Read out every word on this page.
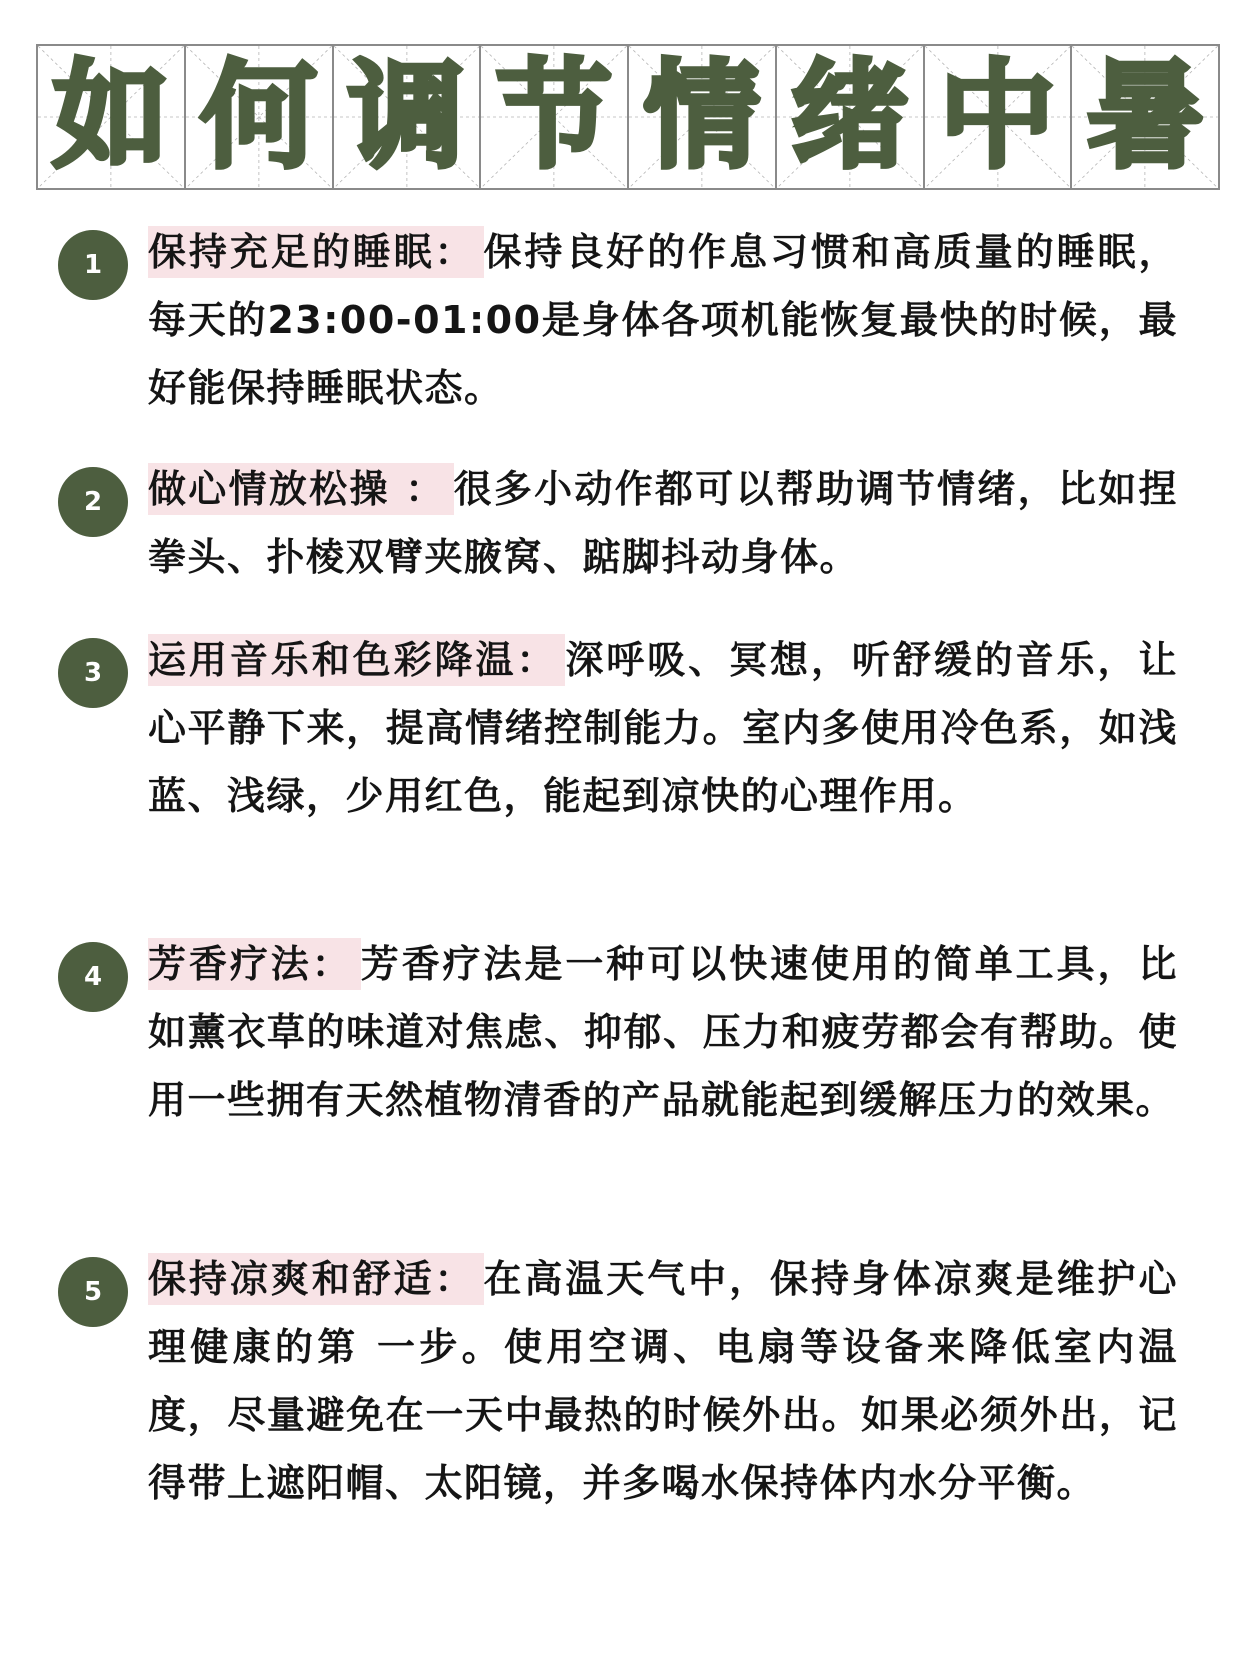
如 何 调 节 情 绪 中 暑
1	保持充足的睡眠： 保持良好的作息习惯和高质量的睡眠，每天的23:00-01:00是身体各项机能恢复最快的时候，最好能保持睡眠状态。
2	做心情放松操 ： 很多小动作都可以帮助调节情绪，比如捏拳头、扑棱双臂夹腋窝、踮脚抖动身体。
3	运用音乐和色彩降温： 深呼吸、冥想，听舒缓的音乐，让心平静下来，提高情绪控制能力。室内多使用冷色系，如浅蓝、浅绿，少用红色，能起到凉快的心理作用。
4	芳香疗法： 芳香疗法是一种可以快速使用的简单工具，比如薰衣草的味道对焦虑、抑郁、压力和疲劳都会有帮助。使用一些拥有天然植物清香的产品就能起到缓解压力的效果。
5	保持凉爽和舒适： 在高温天气中，保持身体凉爽是维护心理健康的第 一步。使用空调、电扇等设备来降低室内温度，尽量避免在一天中最热的时候外出。如果必须外出，记得带上遮阳帽、太阳镜，并多喝水保持体内水分平衡。
